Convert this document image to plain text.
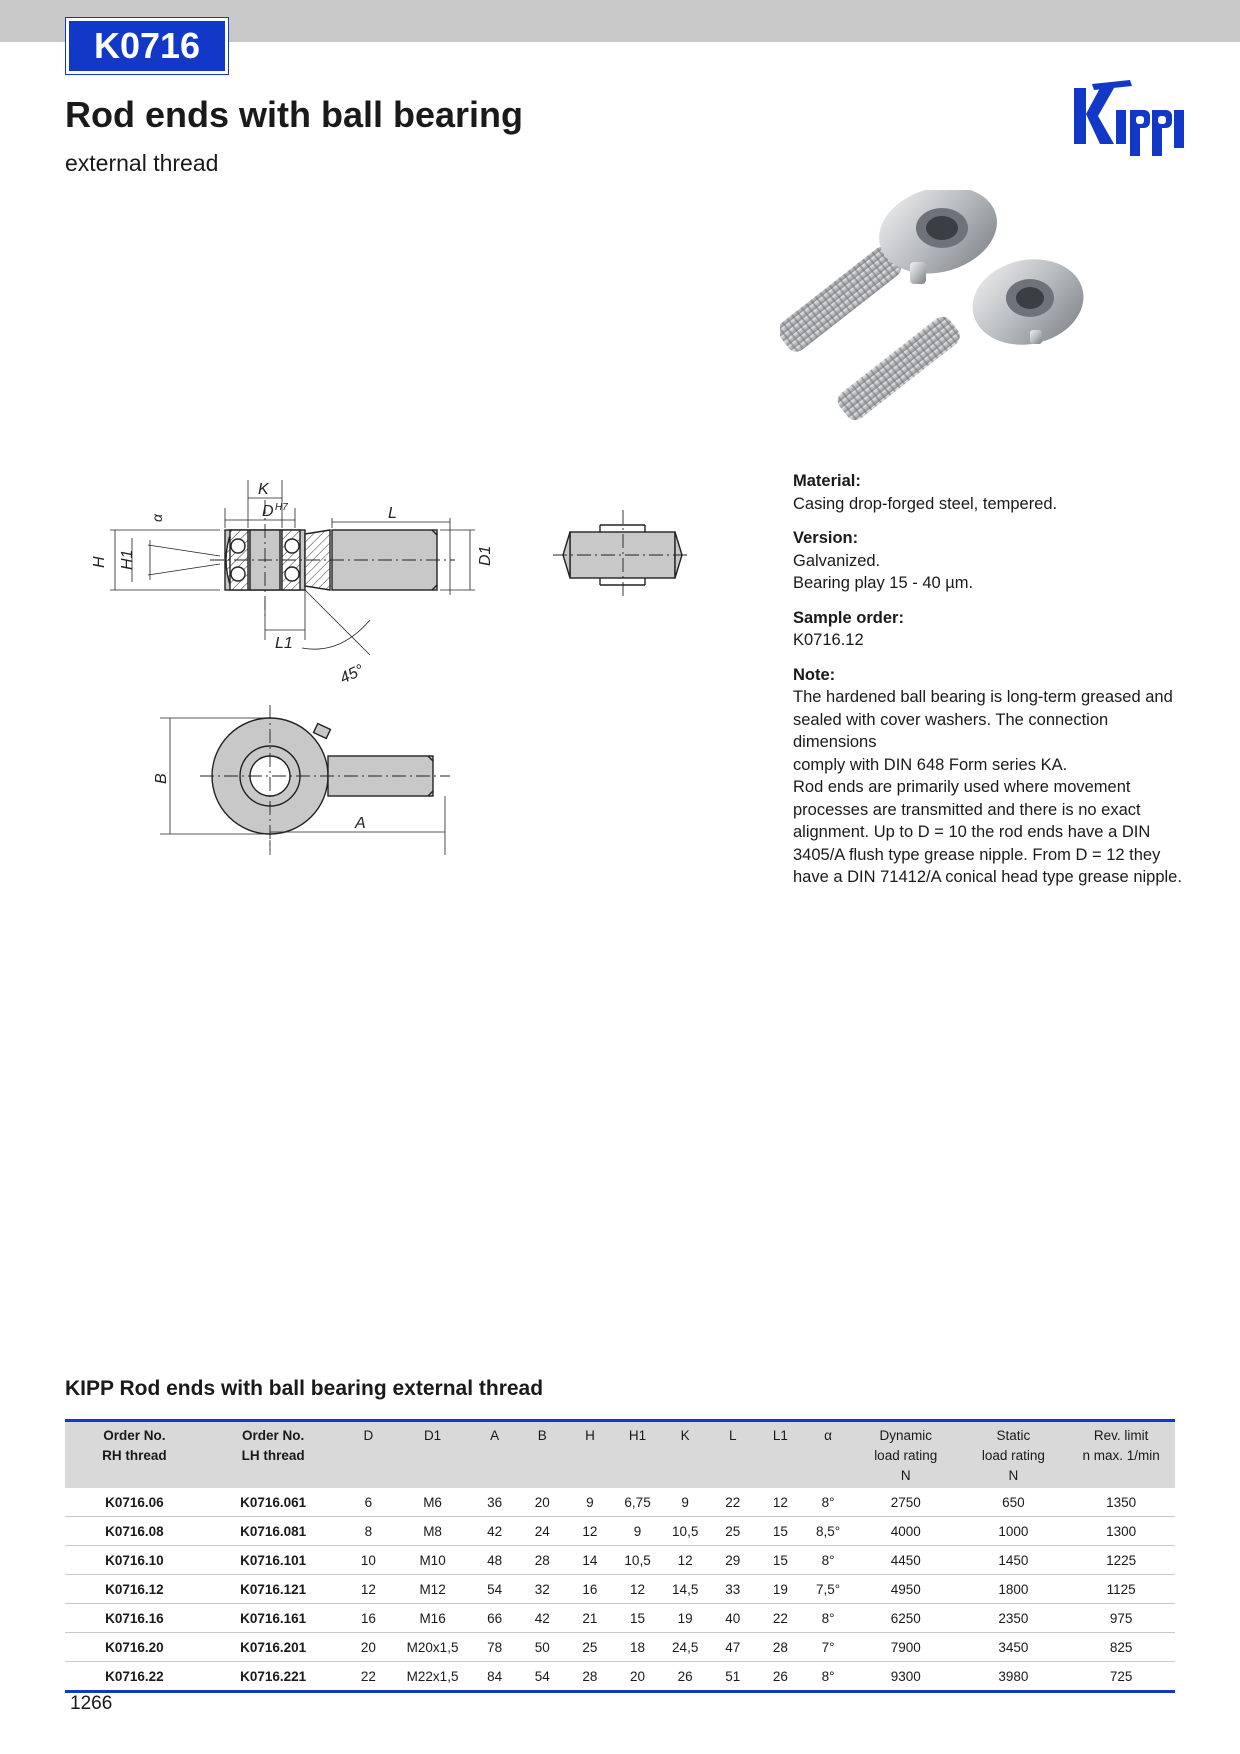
K0716
Rod ends with ball bearing
external thread
K
D H7	L
α
H H1	D1
L1
45°
B
A
Material:
Casing drop-forged steel, tempered.
Version:
Galvanized.
Bearing play 15 - 40 µm.
Sample order:
K0716.12
Note:
The hardened ball bearing is long-term greased and
sealed with cover washers. The connection dimensions
comply with DIN 648 Form series KA.
Rod ends are primarily used where movement
processes are transmitted and there is no exact
alignment. Up to D = 10 the rod ends have a DIN
3405/A flush type grease nipple. From D = 12 they
have a DIN 71412/A conical head type grease nipple.
KIPP Rod ends with ball bearing external thread
Order No.
RH thread	Order No.
LH thread	D	D1	A	B	H	H1	K	L	L1	α	Dynamic
load rating
N	Static
load rating
N	Rev. limit
n max. 1/min

K0716.06	K0716.061	6	M6	36	20	9	6,75	9	22	12	8°	2750	650	1350
K0716.08	K0716.081	8	M8	42	24	12	9	10,5	25	15	8,5°	4000	1000	1300
K0716.10	K0716.101	10	M10	48	28	14	10,5	12	29	15	8°	4450	1450	1225
K0716.12	K0716.121	12	M12	54	32	16	12	14,5	33	19	7,5°	4950	1800	1125
K0716.16	K0716.161	16	M16	66	42	21	15	19	40	22	8°	6250	2350	975
K0716.20	K0716.201	20	M20x1,5	78	50	25	18	24,5	47	28	7°	7900	3450	825
K0716.22	K0716.221	22	M22x1,5	84	54	28	20	26	51	26	8°	9300	3980	725
1266
